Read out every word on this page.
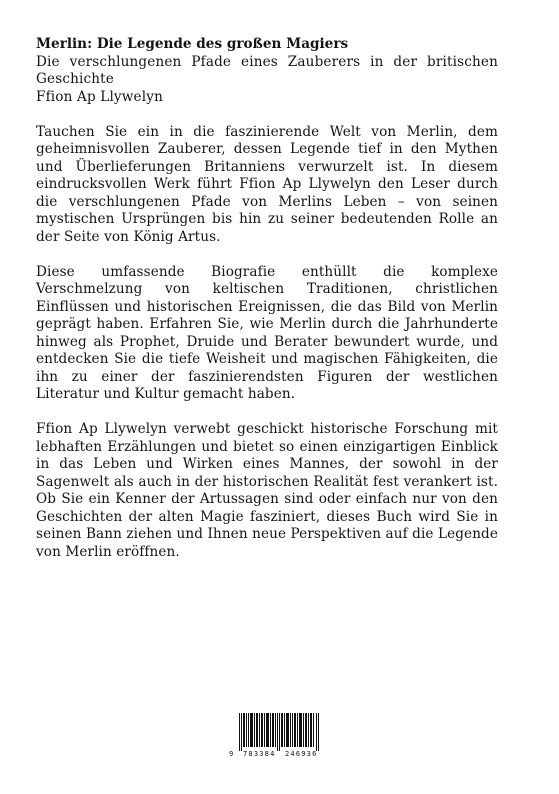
Merlin: Die Legende des großen Magiers

Die verschlungenen Pfade eines Zauberers in der britischen Geschichte

Ffion Ap Llywelyn

Tauchen Sie ein in die faszinierende Welt von Merlin, dem geheimnisvollen Zauberer, dessen Legende tief in den Mythen und Überlieferungen Britanniens verwurzelt ist. In diesem eindrucksvollen Werk führt Ffion Ap Llywelyn den Leser durch die verschlungenen Pfade von Merlins Leben – von seinen mystischen Ursprüngen bis hin zu seiner bedeutenden Rolle an der Seite von König Artus.

Diese umfassende Biografie enthüllt die komplexe Verschmelzung von keltischen Traditionen, christlichen Einflüssen und historischen Ereignissen, die das Bild von Merlin geprägt haben. Erfahren Sie, wie Merlin durch die Jahrhunderte hinweg als Prophet, Druide und Berater bewundert wurde, und entdecken Sie die tiefe Weisheit und magischen Fähigkeiten, die ihn zu einer der faszinierendsten Figuren der westlichen Literatur und Kultur gemacht haben.

Ffion Ap Llywelyn verwebt geschickt historische Forschung mit lebhaften Erzählungen und bietet so einen einzigartigen Einblick in das Leben und Wirken eines Mannes, der sowohl in der Sagenwelt als auch in der historischen Realität fest verankert ist. Ob Sie ein Kenner der Artussagen sind oder einfach nur von den Geschichten der alten Magie fasziniert, dieses Buch wird Sie in seinen Bann ziehen und Ihnen neue Perspektiven auf die Legende von Merlin eröffnen.

9 783384 246936
